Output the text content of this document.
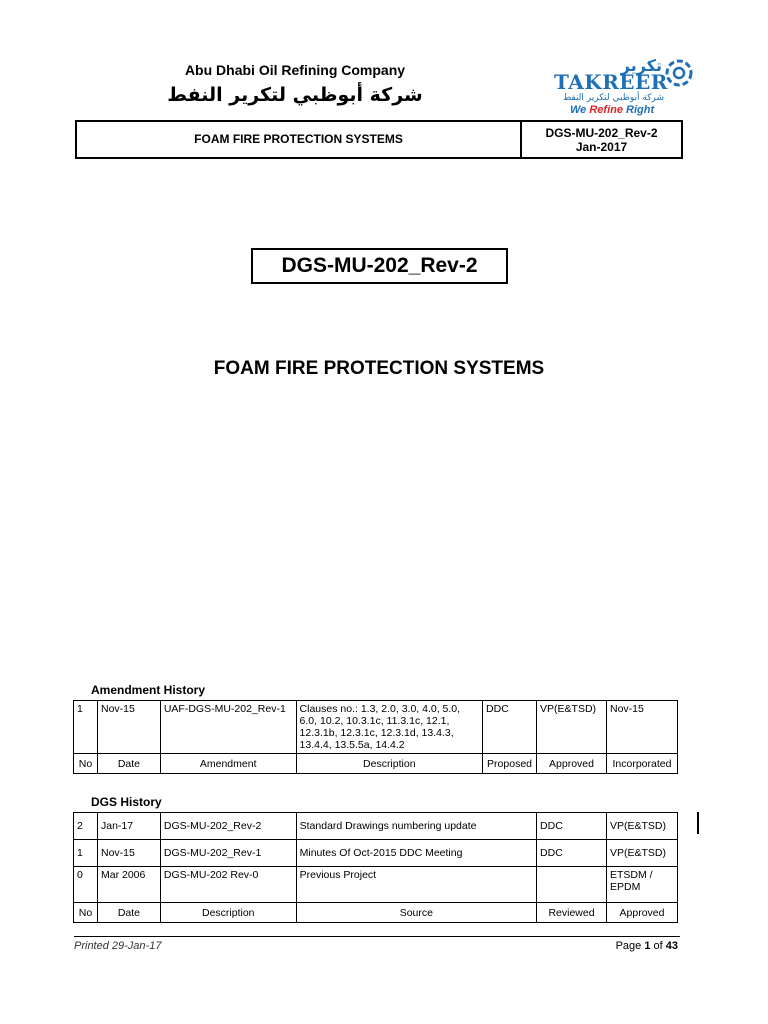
Abu Dhabi Oil Refining Company
شركة أبوظبي لتكرير النفط
تكرير
TAKREER
شركة أبوظبي لتكرير النفط
We Refine Right
FOAM FIRE PROTECTION SYSTEMS	DGS-MU-202_Rev-2
Jan-2017
DGS-MU-202_Rev-2
FOAM FIRE PROTECTION SYSTEMS
Amendment History
1	Nov-15	UAF-DGS-MU-202_Rev-1	Clauses no.: 1.3, 2.0, 3.0, 4.0, 5.0, 6.0, 10.2, 10.3.1c, 11.3.1c, 12.1, 12.3.1b, 12.3.1c, 12.3.1d, 13.4.3, 13.4.4, 13.5.5a, 14.4.2	DDC	VP(E&TSD)	Nov-15
No	Date	Amendment	Description	Proposed	Approved	Incorporated
DGS History
2	Jan-17	DGS-MU-202_Rev-2	Standard Drawings numbering update	DDC	VP(E&TSD)
1	Nov-15	DGS-MU-202_Rev-1	Minutes Of Oct-2015 DDC Meeting	DDC	VP(E&TSD)
0	Mar 2006	DGS-MU-202 Rev-0	Previous Project		ETSDM / EPDM
No	Date	Description	Source	Reviewed	Approved
Printed 29-Jan-17	Page 1 of 43
